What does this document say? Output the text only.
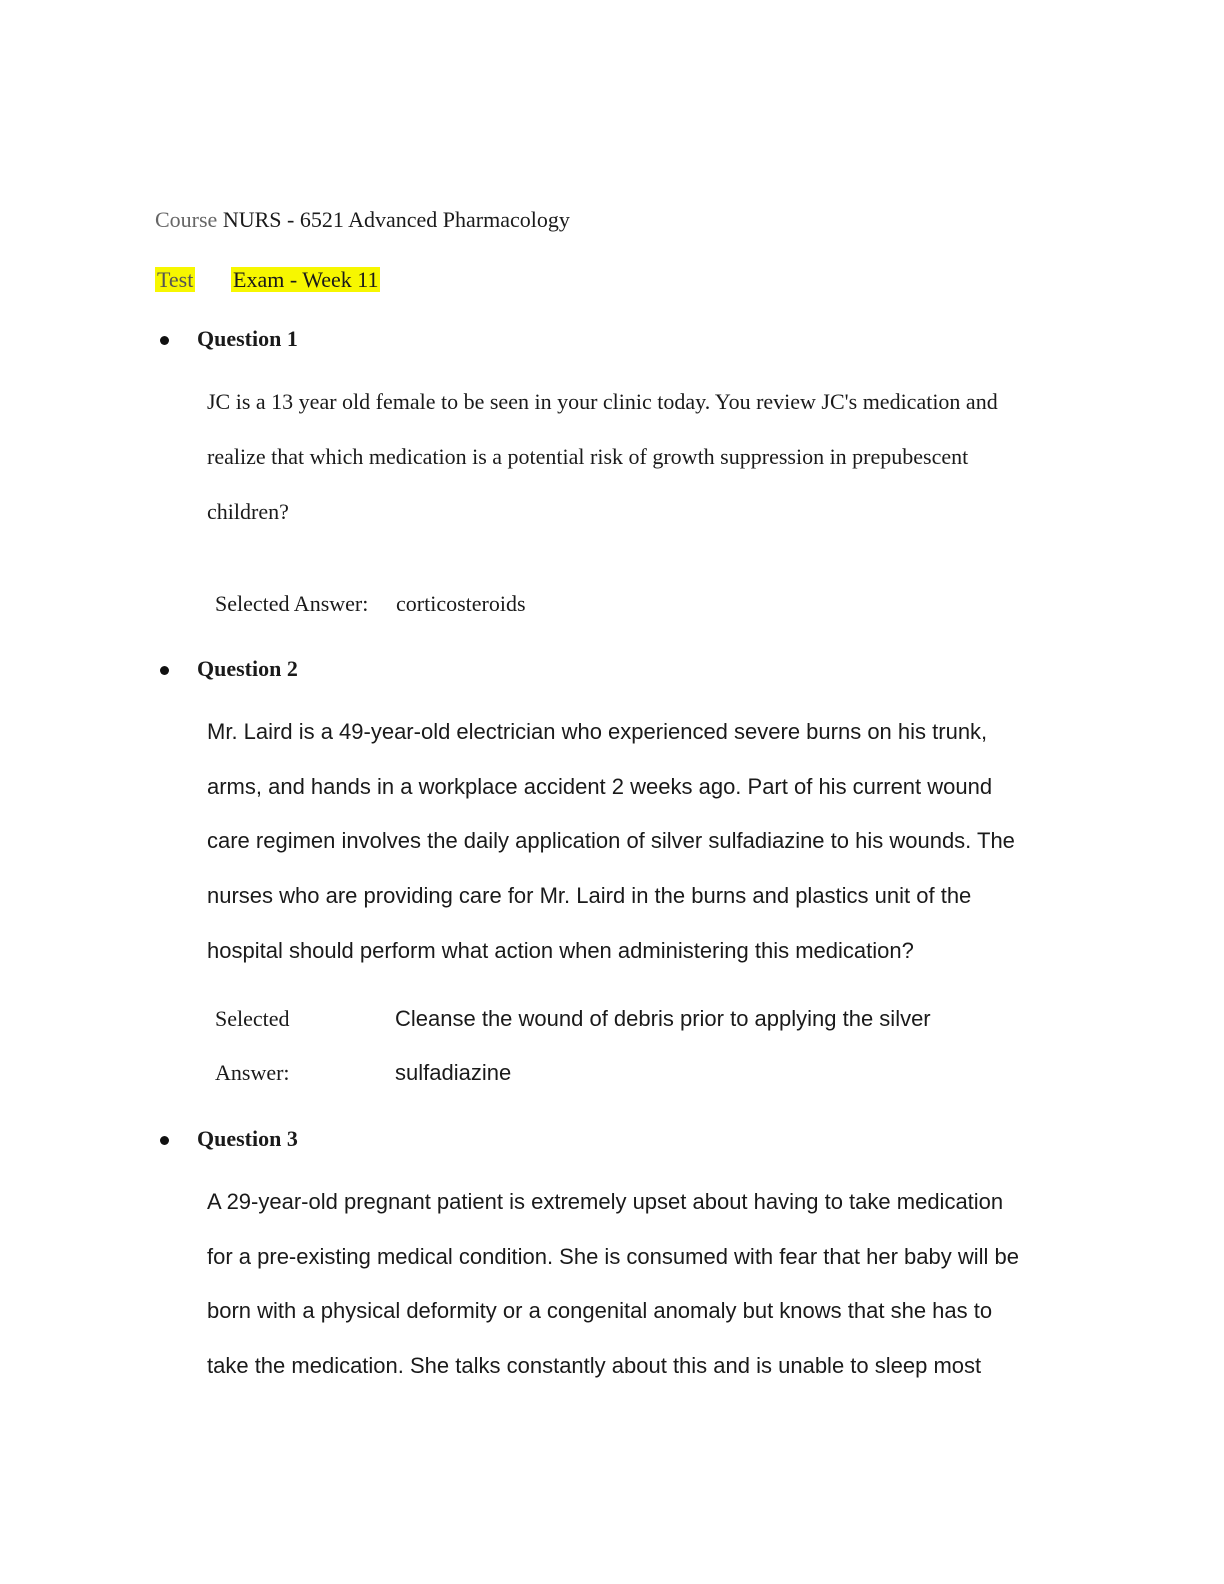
Course NURS - 6521 Advanced Pharmacology
Test Exam - Week 11
Question 1
JC is a 13 year old female to be seen in your clinic today. You review JC's medication and
realize that which medication is a potential risk of growth suppression in prepubescent
children?
Selected Answer: corticosteroids
Question 2
Mr. Laird is a 49-year-old electrician who experienced severe burns on his trunk,
arms, and hands in a workplace accident 2 weeks ago. Part of his current wound
care regimen involves the daily application of silver sulfadiazine to his wounds. The
nurses who are providing care for Mr. Laird in the burns and plastics unit of the
hospital should perform what action when administering this medication?
Selected
Answer:
Cleanse the wound of debris prior to applying the silver
sulfadiazine
Question 3
A 29-year-old pregnant patient is extremely upset about having to take medication
for a pre-existing medical condition. She is consumed with fear that her baby will be
born with a physical deformity or a congenital anomaly but knows that she has to
take the medication. She talks constantly about this and is unable to sleep most
